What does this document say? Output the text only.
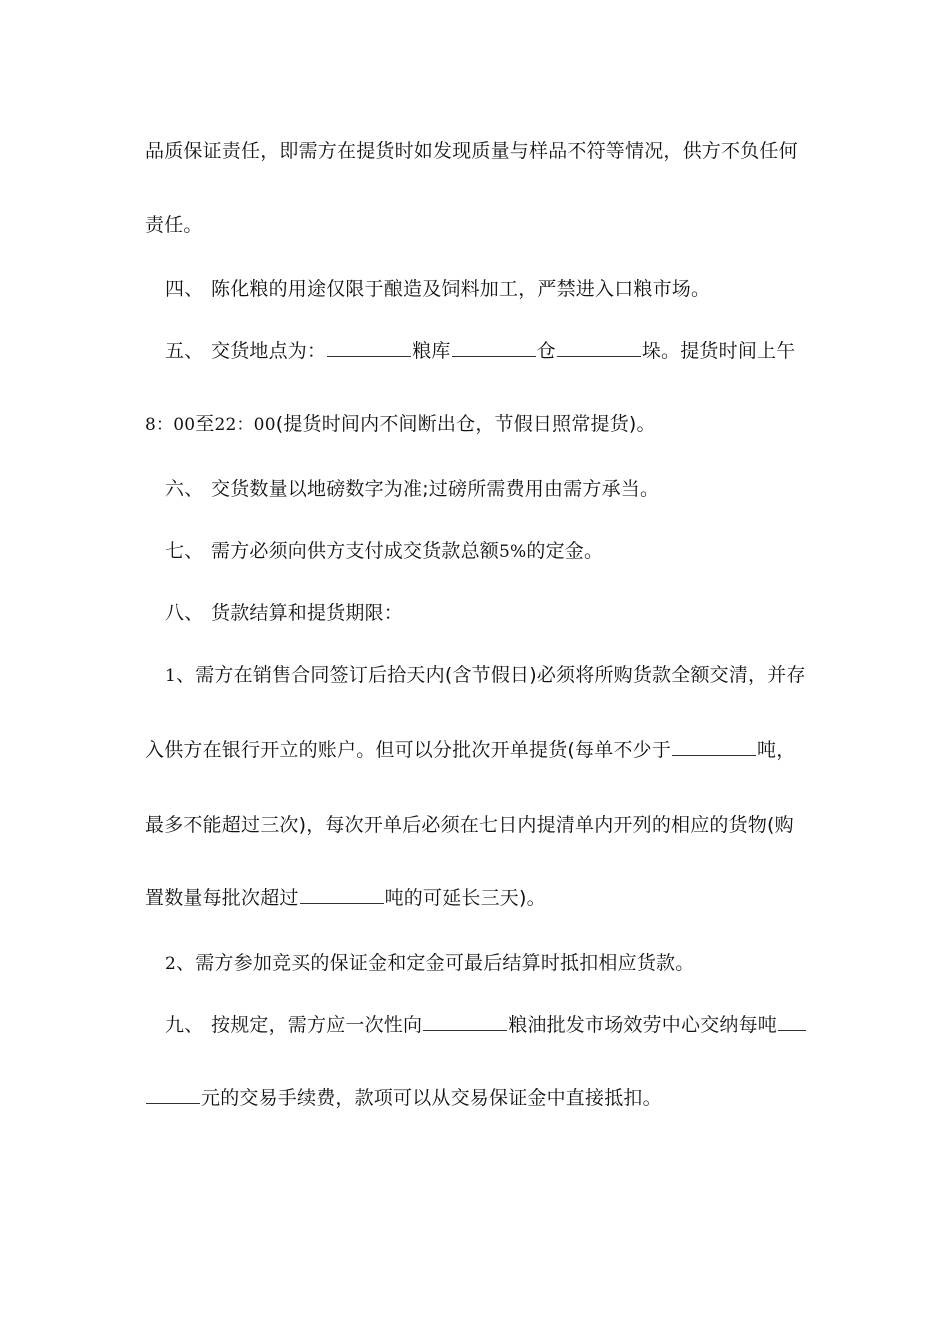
品质保证责任，即需方在提货时如发现质量与样品不符等情况，供方不负任何
责任。
四、 陈化粮的用途仅限于酿造及饲料加工，严禁进入口粮市场。
五、 交货地点为：	粮库	仓	垛。提货时间上午
8：00至22：00(提货时间内不间断出仓，节假日照常提货)。
六、 交货数量以地磅数字为准;过磅所需费用由需方承当。
七、 需方必须向供方支付成交货款总额5%的定金。
八、 货款结算和提货期限：
1、需方在销售合同签订后拾天内(含节假日)必须将所购货款全额交清，并存
入供方在银行开立的账户。但可以分批次开单提货(每单不少于	吨，
最多不能超过三次)，每次开单后必须在七日内提清单内开列的相应的货物(购
置数量每批次超过	吨的可延长三天)。
2、需方参加竞买的保证金和定金可最后结算时抵扣相应货款。
九、 按规定，需方应一次性向	粮油批发市场效劳中心交纳每吨
元的交易手续费，款项可以从交易保证金中直接抵扣。
